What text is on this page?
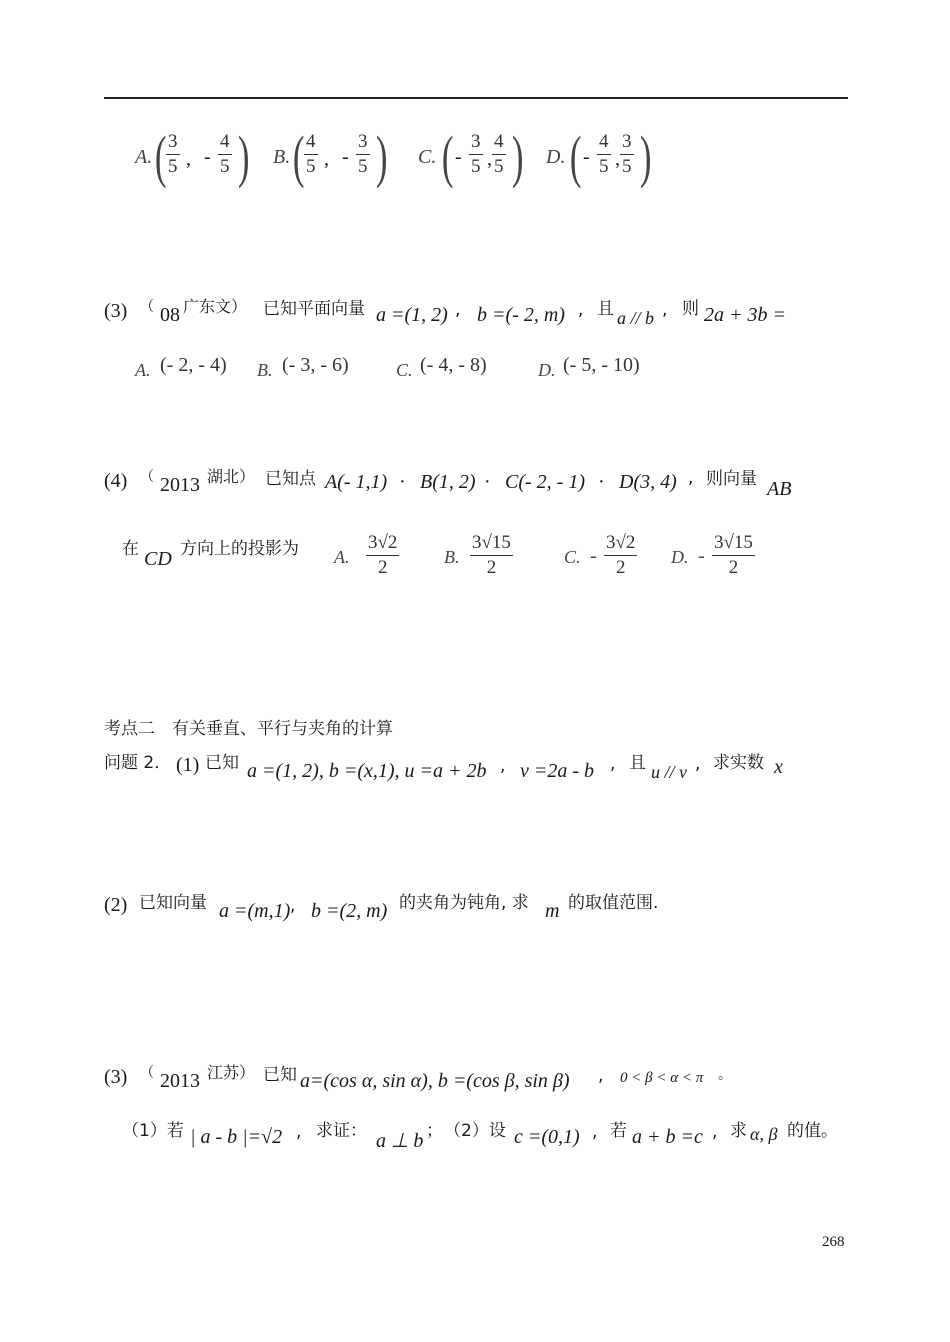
A. ( $\frac{3}{5}$ , - $\frac{4}{5}$ ) B. ( $\frac{4}{5}$ , - $\frac{3}{5}$ ) C. ( - $\frac{3}{5}$ , $\frac{4}{5}$ ) D. ( - $\frac{4}{5}$ , $\frac{3}{5}$ )
(3) （ 08 广东文） 已知平面向量 a =(1, 2) , b =(- 2, m) , 且 a // b , 则 2a + 3b =
A. (- 2, - 4) B. (- 3, - 6)	C. (- 4, - 8)	D. (- 5, - 10)
(4) （ 2013 湖北） 已知点 A(- 1,1) · B(1, 2) · C(- 2, - 1) · D(3, 4) , 则向量 AB
在 CD 方向上的投影为 A. $\frac{3√2}{2} B$. $\frac{3√15}{2}$	C. - $\frac{3√2}{2} D$. - $\frac{3√15}{2}$
考点二　有关垂直、平行与夹角的计算
问题 2． (1) 已知 a =(1, 2), b =(x,1), u =a + 2b , v =2a - b , 且 u // v , 求实数 x
(2) 已知向量 a =(m,1) , b =(2, m) 的夹角为钝角, 求 m 的取值范围.
(3) （ 2013 江苏） 已知 a=(cos α, sin α), b =(cos β, sin β) , 0 < β < α < π 。
（1）若 | a - b |=√2 , 求证： a ⊥ b ； （2）设 c =(0,1) , 若 a + b =c , 求 α, β 的值。
268
